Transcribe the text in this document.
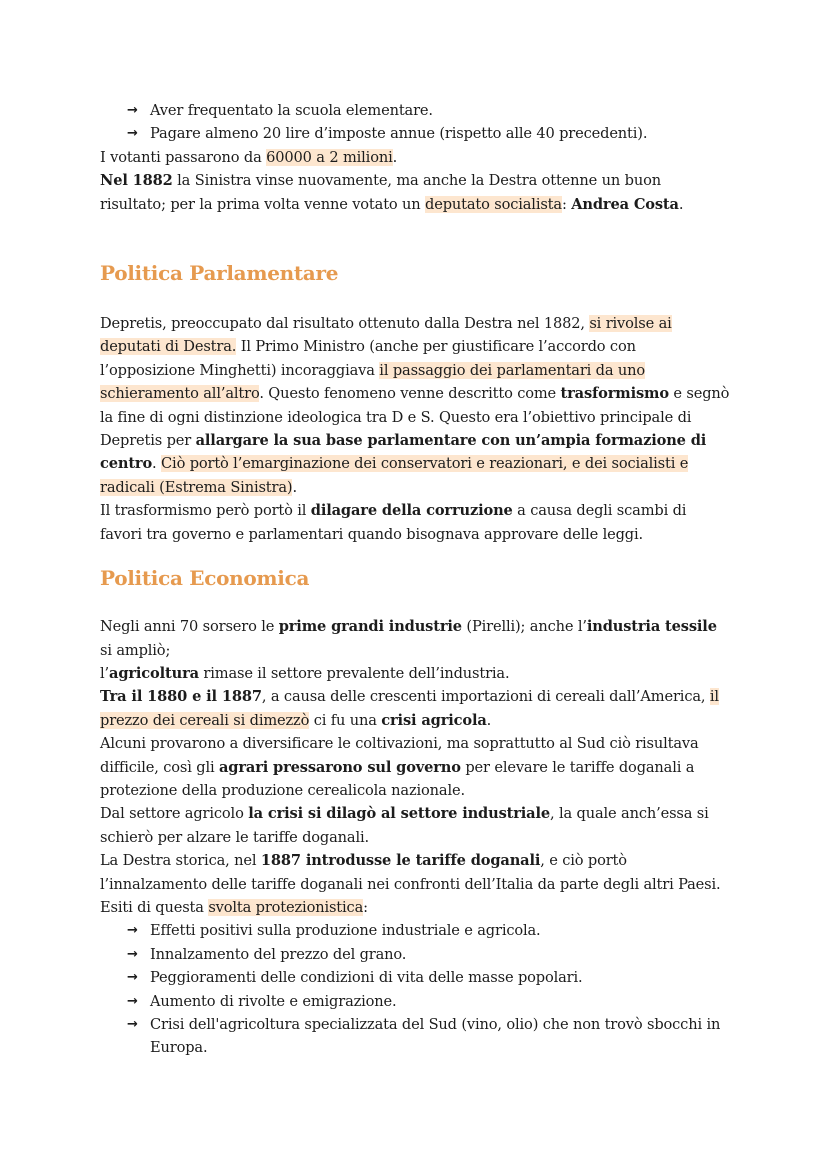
→ Aver frequentato la scuola elementare.
→ Pagare almeno 20 lire d’imposte annue (rispetto alle 40 precedenti).

I votanti passarono da 60000 a 2 milioni.

Nel 1882 la Sinistra vinse nuovamente, ma anche la Destra ottenne un buon risultato; per la prima volta venne votato un deputato socialista: Andrea Costa.

Politica Parlamentare

Depretis, preoccupato dal risultato ottenuto dalla Destra nel 1882, si rivolse ai deputati di Destra. Il Primo Ministro (anche per giustificare l’accordo con l’opposizione Minghetti) incoraggiava il passaggio dei parlamentari da uno schieramento all’altro. Questo fenomeno venne descritto come trasformismo e segnò la fine di ogni distinzione ideologica tra D e S. Questo era l’obiettivo principale di Depretis per allargare la sua base parlamentare con un’ampia formazione di centro. Ciò portò l’emarginazione dei conservatori e reazionari, e dei socialisti e radicali (Estrema Sinistra).

Il trasformismo però portò il dilagare della corruzione a causa degli scambi di favori tra governo e parlamentari quando bisognava approvare delle leggi.

Politica Economica

Negli anni 70 sorsero le prime grandi industrie (Pirelli); anche l’industria tessile si ampliò;

l’agricoltura rimase il settore prevalente dell’industria.

Tra il 1880 e il 1887, a causa delle crescenti importazioni di cereali dall’America, il prezzo dei cereali si dimezzò ci fu una crisi agricola.

Alcuni provarono a diversificare le coltivazioni, ma soprattutto al Sud ciò risultava difficile, così gli agrari pressarono sul governo per elevare le tariffe doganali a protezione della produzione cerealicola nazionale.

Dal settore agricolo la crisi si dilagò al settore industriale, la quale anch’essa si schierò per alzare le tariffe doganali.

La Destra storica, nel 1887 introdusse le tariffe doganali, e ciò portò l’innalzamento delle tariffe doganali nei confronti dell’Italia da parte degli altri Paesi.

Esiti di questa svolta protezionistica:

→ Effetti positivi sulla produzione industriale e agricola.
→ Innalzamento del prezzo del grano.
→ Peggioramenti delle condizioni di vita delle masse popolari.
→ Aumento di rivolte e emigrazione.
→ Crisi dell'agricoltura specializzata del Sud (vino, olio) che non trovò sbocchi in Europa.
